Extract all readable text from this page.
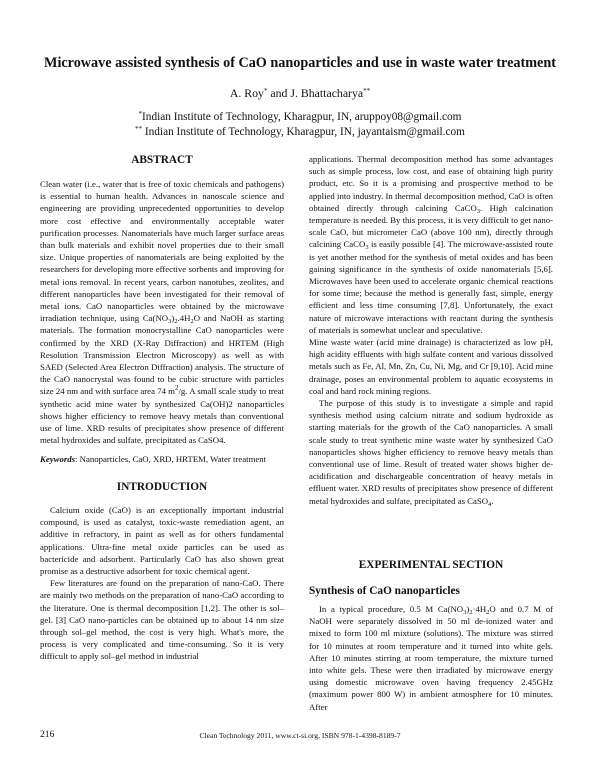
Microwave assisted synthesis of CaO nanoparticles and use in waste water treatment
A. Roy* and J. Bhattacharya**
*Indian Institute of Technology, Kharagpur, IN, arupроy08@gmail.com
** Indian Institute of Technology, Kharagpur, IN, jayantaism@gmail.com
ABSTRACT

Clean water (i.e., water that is free of toxic chemicals and pathogens) is essential to human health. Advances in nanoscale science and engineering are providing unprecedented opportunities to develop more cost effective and environmentally acceptable water purification processes. Nanomaterials have much larger surface areas than bulk materials and exhibit novel properties due to their small size. Unique properties of nanomaterials are being exploited by the researchers for developing more effective sorbents and improving for metal ions removal. In recent years, carbon nanotubes, zeolites, and different nanoparticles have been investigated for their removal of metal ions. CaO nanoparticles were obtained by the microwave irradiation technique, using $Ca(NO_3)_2.4H_2O$ and NaOH as starting materials. The formation monocrystalline CaO nanoparticles were confirmed by the XRD (X-Ray Diffraction) and HRTEM (High Resolution Transmission Electron Microscopy) as well as with SAED (Selected Area Electron Diffraction) analysis. The structure of the CaO nanocrystal was found to be cubic structure with particles size 24 nm and with surface area 74 $m^2/g$. A small scale study to treat synthetic acid mine water by synthesized Ca(OH)2 nanoparticles shows higher efficiency to remove heavy metals than conventional use of lime. XRD results of precipitates show presence of different metal hydroxides and sulfate, precipitated as CaSO4.

Keywords: Nanoparticles, CaO, XRD, HRTEM, Water treatment

INTRODUCTION

Calcium oxide (CaO) is an exceptionally important industrial compound, is used as catalyst, toxic-waste remediation agent, an additive in refractory, in paint as well as for others fundamental applications. Ultra-fine metal oxide particles can be used as bactericide and adsorbent. Particularly CaO has also shown great promise as a destructive adsorbent for toxic chemical agent.

Few literatures are found on the preparation of nano-CaO. There are mainly two methods on the preparation of nano-CaO according to the literature. One is thermal decomposition [1,2]. The other is sol–gel. [3] CaO nano-particles can be obtained up to about 14 nm size through sol–gel method, the cost is very high. What's more, the process is very complicated and time-consuming. So it is very difficult to apply sol–gel method in industrial

applications. Thermal decomposition method has some advantages such as simple process, low cost, and ease of obtaining high purity product, etc. So it is a promising and prospective method to be applied into industry. In thermal decomposition method, CaO is often obtained directly through calcining CaCO$_3$. High calcination temperature is needed. By this process, it is very difficult to get nano-scale CaO, but micrometer CaO (above 100 nm), directly through calcining CaCO$_3$ is easily possible [4]. The microwave-assisted route is yet another method for the synthesis of metal oxides and has been gaining significance in the synthesis of oxide nanomaterials [5,6]. Microwaves have been used to accelerate organic chemical reactions for some time; because the method is generally fast, simple, energy efficient and less time consuming [7,8]. Unfortunately, the exact nature of microwave interactions with reactant during the synthesis of materials is somewhat unclear and speculative.

Mine waste water (acid mine drainage) is characterized as low pH, high acidity effluents with high sulfate content and various dissolved metals such as Fe, Al, Mn, Zn, Cu, Ni, Mg, and Cr [9,10]. Acid mine drainage, poses an environmental problem to aquatic ecosystems in coal and hard rock mining regions.

The purpose of this study is to investigate a simple and rapid synthesis method using calcium nitrate and sodium hydroxide as starting materials for the growth of the CaO nanoparticles. A small scale study to treat synthetic mine waste water by synthesized CaO nanoparticles shows higher efficiency to remove heavy metals than conventional use of lime. Result of treated water shows higher de-acidification and dischargeable concentration of heavy metals in effluent water. XRD results of precipitates show presence of different metal hydroxides and sulfate, precipitated as CaSO$_4$.

EXPERIMENTAL SECTION
Synthesis of CaO nanoparticles

In a typical procedure, 0.5 M $Ca(NO_3)_2\cdot 4H_2O$ and 0.7 M of NaOH were separately dissolved in 50 ml de-ionized water and mixed to form 100 ml mixture (solutions). The mixture was stirred for 10 minutes at room temperature and it turned into white gels. After 10 minutes stirring at room temperature, the mixture turned into white gels. These were then irradiated by microwave energy using domestic microwave oven having frequency 2.45GHz (maximum power 800 W) in ambient atmosphere for 10 minutes. After

216	Clean Technology 2011, www.ct-si.org, ISBN 978-1-4398-8189-7
